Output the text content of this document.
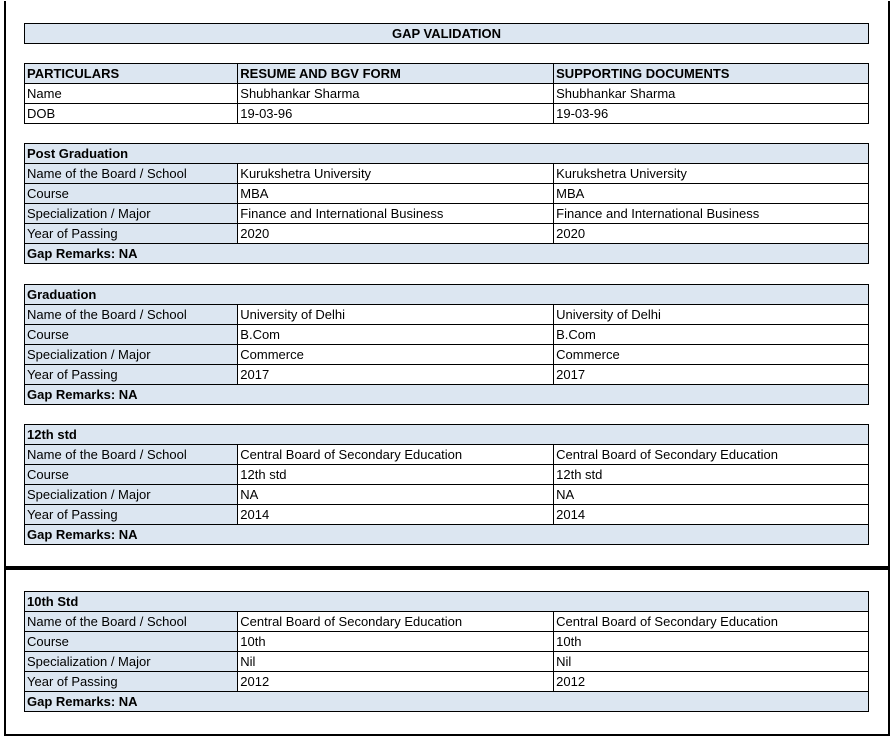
GAP VALIDATION
PARTICULARS	RESUME AND BGV FORM	SUPPORTING DOCUMENTS
Name	Shubhankar Sharma	Shubhankar Sharma
DOB	19-03-96	19-03-96
Post Graduation		
Name of the Board / School	Kurukshetra University	Kurukshetra University
Course	MBA	MBA
Specialization / Major	Finance and International Business	Finance and International Business
Year of Passing	2020	2020
Gap Remarks: NA		
Graduation		
Name of the Board / School	University of Delhi	University of Delhi
Course	B.Com	B.Com
Specialization / Major	Commerce	Commerce
Year of Passing	2017	2017
Gap Remarks: NA		
12th std		
Name of the Board / School	Central Board of Secondary Education	Central Board of Secondary Education
Course	12th std	12th std
Specialization / Major	NA	NA
Year of Passing	2014	2014
Gap Remarks: NA		
10th Std		
Name of the Board / School	Central Board of Secondary Education	Central Board of Secondary Education
Course	10th	10th
Specialization / Major	Nil	Nil
Year of Passing	2012	2012
Gap Remarks: NA		
